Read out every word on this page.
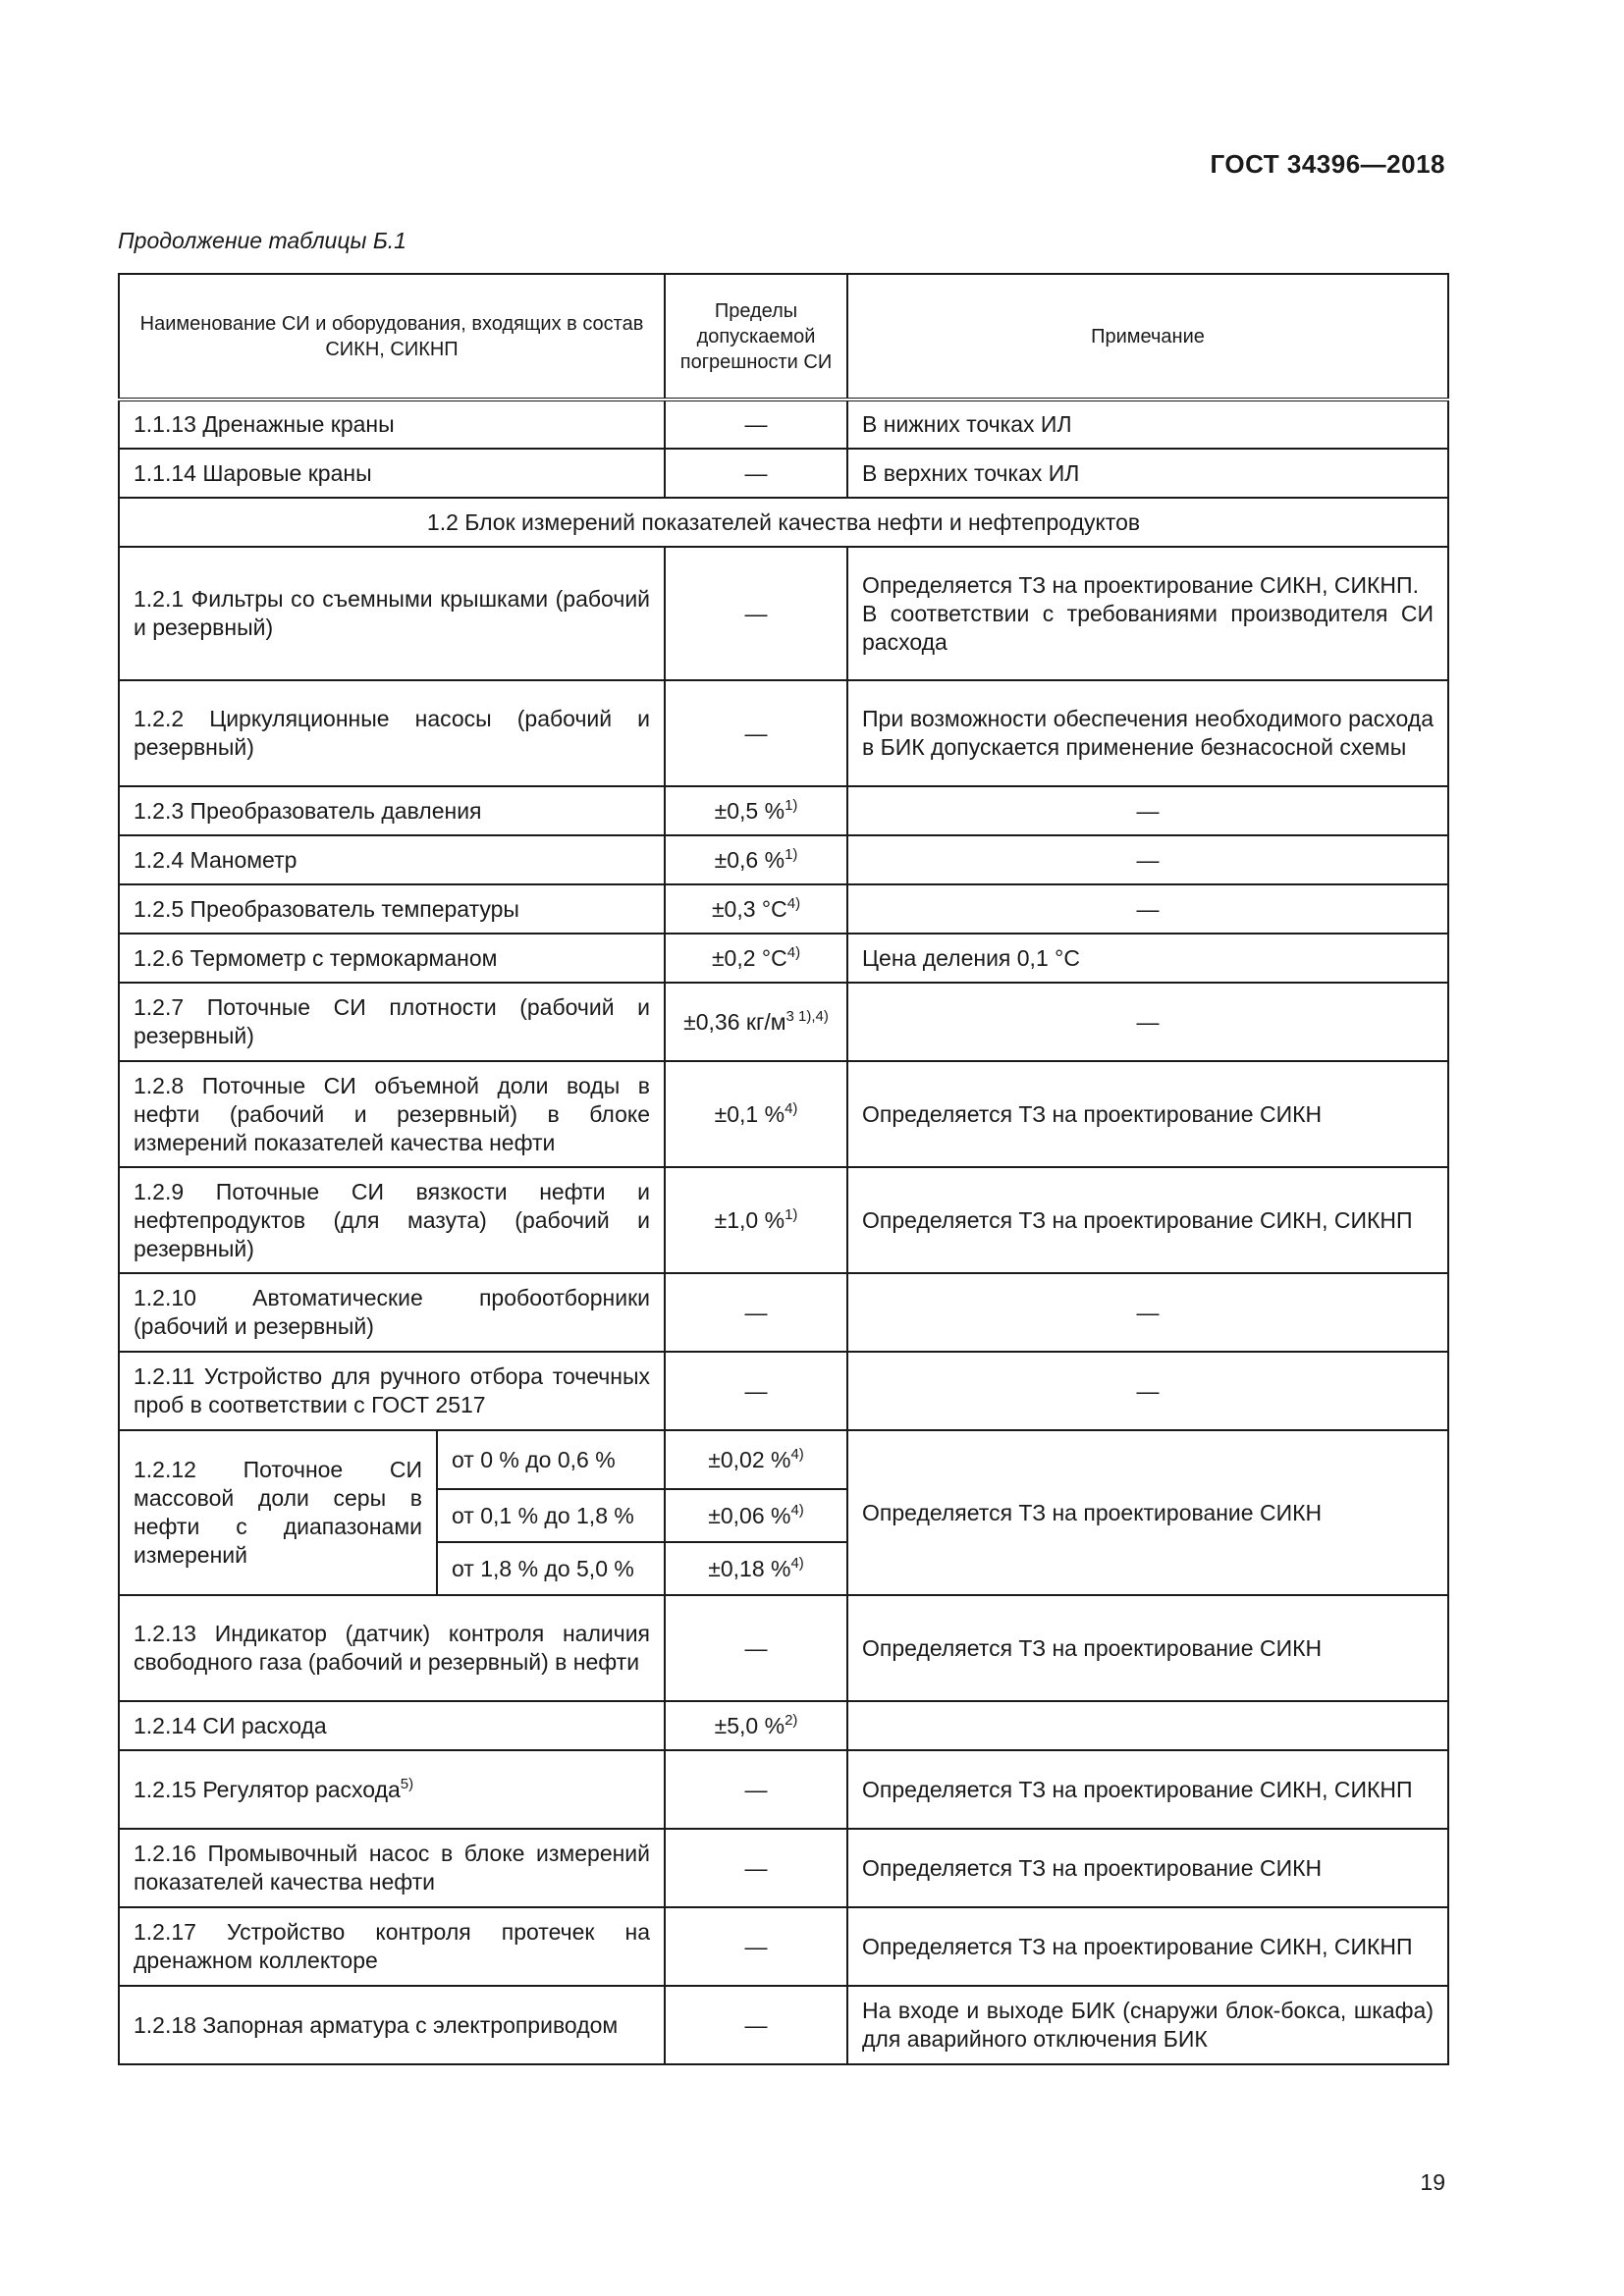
ГОСТ 34396—2018
Продолжение таблицы Б.1
Наименование СИ и оборудования, входящих в состав СИКН, СИКНП		Пределы допускаемой погрешности СИ	Примечание
1.1.13 Дренажные краны		—	В нижних точках ИЛ
1.1.14 Шаровые краны		—	В верхних точках ИЛ
1.2 Блок измерений показателей качества нефти и нефтепродуктов			
1.2.1 Фильтры со съемными крышками (рабочий и резервный)		—	Определяется ТЗ на проектирование СИКН, СИКНП.
В соответствии с требованиями производителя СИ расхода

1.2.2 Циркуляционные насосы (рабочий и резервный)		—	При возможности обеспечения необходимого расхода в БИК допускается применение безнасосной схемы
1.2.3 Преобразователь давления		±0,5 %$^{1)}$	—
1.2.4 Манометр		±0,6 %$^{1)}$	—
1.2.5 Преобразователь температуры		±0,3 $^\circ С^{4)}$	—
1.2.6 Термометр с термокарманом		±0,2 $^\circ С^{4)}$	Цена деления 0,1 °С
1.2.7 Поточные СИ плотности (рабочий и резервный)		±0,36 $кг/м^{3 1),4)}$	—
1.2.8 Поточные СИ объемной доли воды в нефти (рабочий и резервный) в блоке измерений показателей качества нефти		±0,1 %$^{4)}$	Определяется ТЗ на проектирование СИКН
1.2.9 Поточные СИ вязкости нефти и нефтепродуктов (для мазута) (рабочий и резервный)		±1,0 %$^{1)}$	Определяется ТЗ на проектирование СИКН, СИКНП
1.2.10 Автоматические пробоотборники (рабочий и резервный)		—	—
1.2.11 Устройство для ручного отбора точечных проб в соответствии с ГОСТ 2517		—	—
1.2.12 Поточное СИ массовой доли серы в нефти с диапазонами измерений	от 0 % до 0,6 %	±0,02 %$^{4)}$	Определяется ТЗ на проектирование СИКН
	от 0,1 % до 1,8 %	±0,06 %$^{4)}$
	от 1,8 % до 5,0 %	±0,18 %$^{4)}$
1.2.13 Индикатор (датчик) контроля наличия свободного газа (рабочий и резервный) в нефти		—	Определяется ТЗ на проектирование СИКН
1.2.14 СИ расхода		±5,0 %$^{2)}$	
1.2.15 Регулятор расхода$^{5)}$		—	Определяется ТЗ на проектирование СИКН, СИКНП
1.2.16 Промывочный насос в блоке измерений показателей качества нефти		—	Определяется ТЗ на проектирование СИКН
1.2.17 Устройство контроля протечек на дренажном коллекторе		—	Определяется ТЗ на проектирование СИКН, СИКНП
1.2.18 Запорная арматура с электроприводом		—	На входе и выходе БИК (снаружи блок-бокса, шкафа) для аварийного отключения БИК
19
